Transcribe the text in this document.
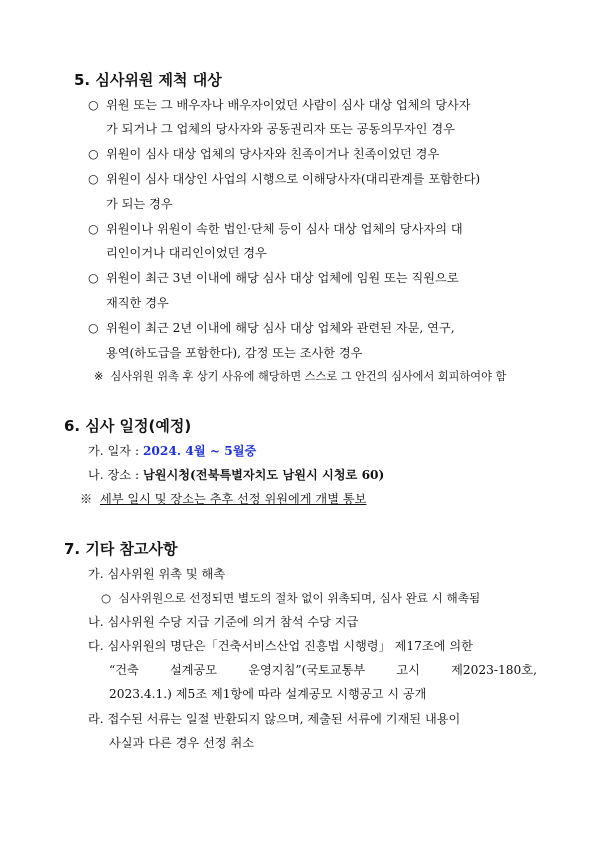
5. 심사위원 제척 대상
○ 위원 또는 그 배우자나 배우자이었던 사람이 심사 대상 업체의 당사자
가 되거나 그 업체의 당사자와 공동권리자 또는 공동의무자인 경우
○ 위원이 심사 대상 업체의 당사자와 친족이거나 친족이었던 경우
○ 위원이 심사 대상인 사업의 시행으로 이해당사자(대리관계를 포함한다)
가 되는 경우
○ 위원이나 위원이 속한 법인·단체 등이 심사 대상 업체의 당사자의 대
리인이거나 대리인이었던 경우
○ 위원이 최근 3년 이내에 해당 심사 대상 업체에 임원 또는 직원으로
재직한 경우
○ 위원이 최근 2년 이내에 해당 심사 대상 업체와 관련된 자문, 연구,
용역(하도급을 포함한다), 감정 또는 조사한 경우
※ 심사위원 위촉 후 상기 사유에 해당하면 스스로 그 안건의 심사에서 회피하여야 함
6. 심사 일정(예정)
가. 일자 : 2024. 4월 ~ 5월중
나. 장소 : 남원시청(전북특별자치도 남원시 시청로 60)
※ 세부 일시 및 장소는 추후 선정 위원에게 개별 통보
7. 기타 참고사항
가. 심사위원 위촉 및 해촉
○ 심사위원으로 선정되면 별도의 절차 없이 위촉되며, 심사 완료 시 해촉됨
나. 심사위원 수당 지급 기준에 의거 참석 수당 지급
다. 심사위원의 명단은「건축서비스산업 진흥법 시행령」 제17조에 의한
“건축	설계공모	운영지침”(국토교통부	고시	제2023-180호,
2023.4.1.) 제5조 제1항에 따라 설계공모 시행공고 시 공개
라. 접수된 서류는 일절 반환되지 않으며, 제출된 서류에 기재된 내용이
사실과 다른 경우 선정 취소
